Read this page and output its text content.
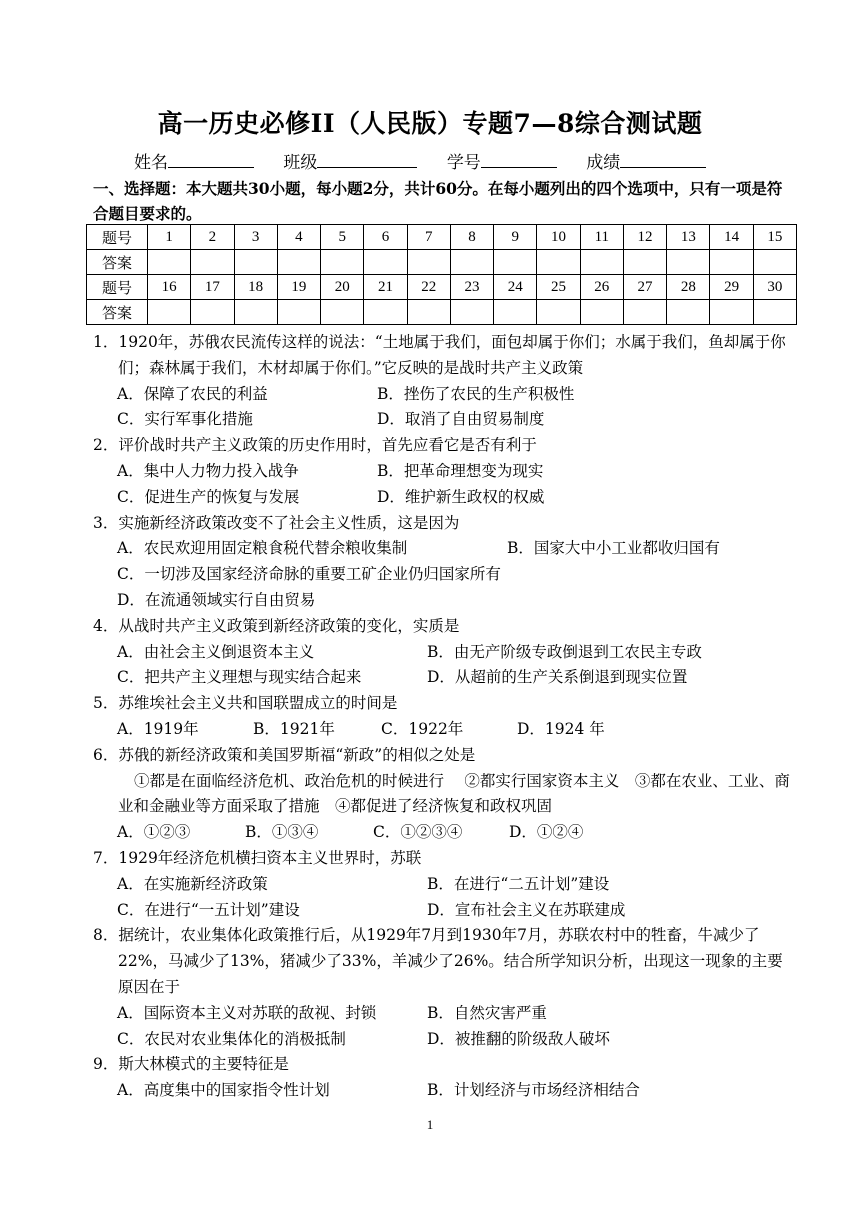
高一历史必修II（人民版）专题7—8综合测试题
姓名	班级	学号	成绩
一、选择题：本大题共30小题，每小题2分，共计60分。在每小题列出的四个选项中，只有一项是符合题目要求的。
题号	1	2	3	4	5	6	7	8	9	10	11	12	13	14	15
答案															
题号	16	17	18	19	20	21	22	23	24	25	26	27	28	29	30
答案															
1．1920年，苏俄农民流传这样的说法：“土地属于我们，面包却属于你们；水属于我们，鱼却属于你们；森林属于我们，木材却属于你们。”它反映的是战时共产主义政策
A．保障了农民的利益	B．挫伤了农民的生产积极性
C．实行军事化措施	D．取消了自由贸易制度
2．评价战时共产主义政策的历史作用时，首先应看它是否有利于
A．集中人力物力投入战争	B．把革命理想变为现实
C．促进生产的恢复与发展	D．维护新生政权的权威
3．实施新经济政策改变不了社会主义性质，这是因为
A．农民欢迎用固定粮食税代替余粮收集制	B．国家大中小工业都收归国有
C．一切涉及国家经济命脉的重要工矿企业仍归国家所有
D．在流通领域实行自由贸易
4．从战时共产主义政策到新经济政策的变化，实质是
A．由社会主义倒退资本主义	B．由无产阶级专政倒退到工农民主专政
C．把共产主义理想与现实结合起来	D．从超前的生产关系倒退到现实位置
5．苏维埃社会主义共和国联盟成立的时间是
A．1919年	B．1921年	C．1922年	D．1924 年
6．苏俄的新经济政策和美国罗斯福“新政”的相似之处是
①都是在面临经济危机、政治危机的时候进行　 ②都实行国家资本主义　③都在农业、工业、商业和金融业等方面采取了措施　④都促进了经济恢复和政权巩固
A．①②③	B．①③④	C．①②③④	D．①②④
7．1929年经济危机横扫资本主义世界时，苏联
A．在实施新经济政策	B．在进行“二五计划”建设
C．在进行“一五计划”建设	D．宣布社会主义在苏联建成
8．据统计，农业集体化政策推行后，从1929年7月到1930年7月，苏联农村中的牲畜，牛减少了22%，马减少了13%，猪减少了33%，羊减少了26%。结合所学知识分析，出现这一现象的主要原因在于
A．国际资本主义对苏联的敌视、封锁	B．自然灾害严重
C．农民对农业集体化的消极抵制	D．被推翻的阶级敌人破坏
9．斯大林模式的主要特征是
A．高度集中的国家指令性计划	B．计划经济与市场经济相结合
1
